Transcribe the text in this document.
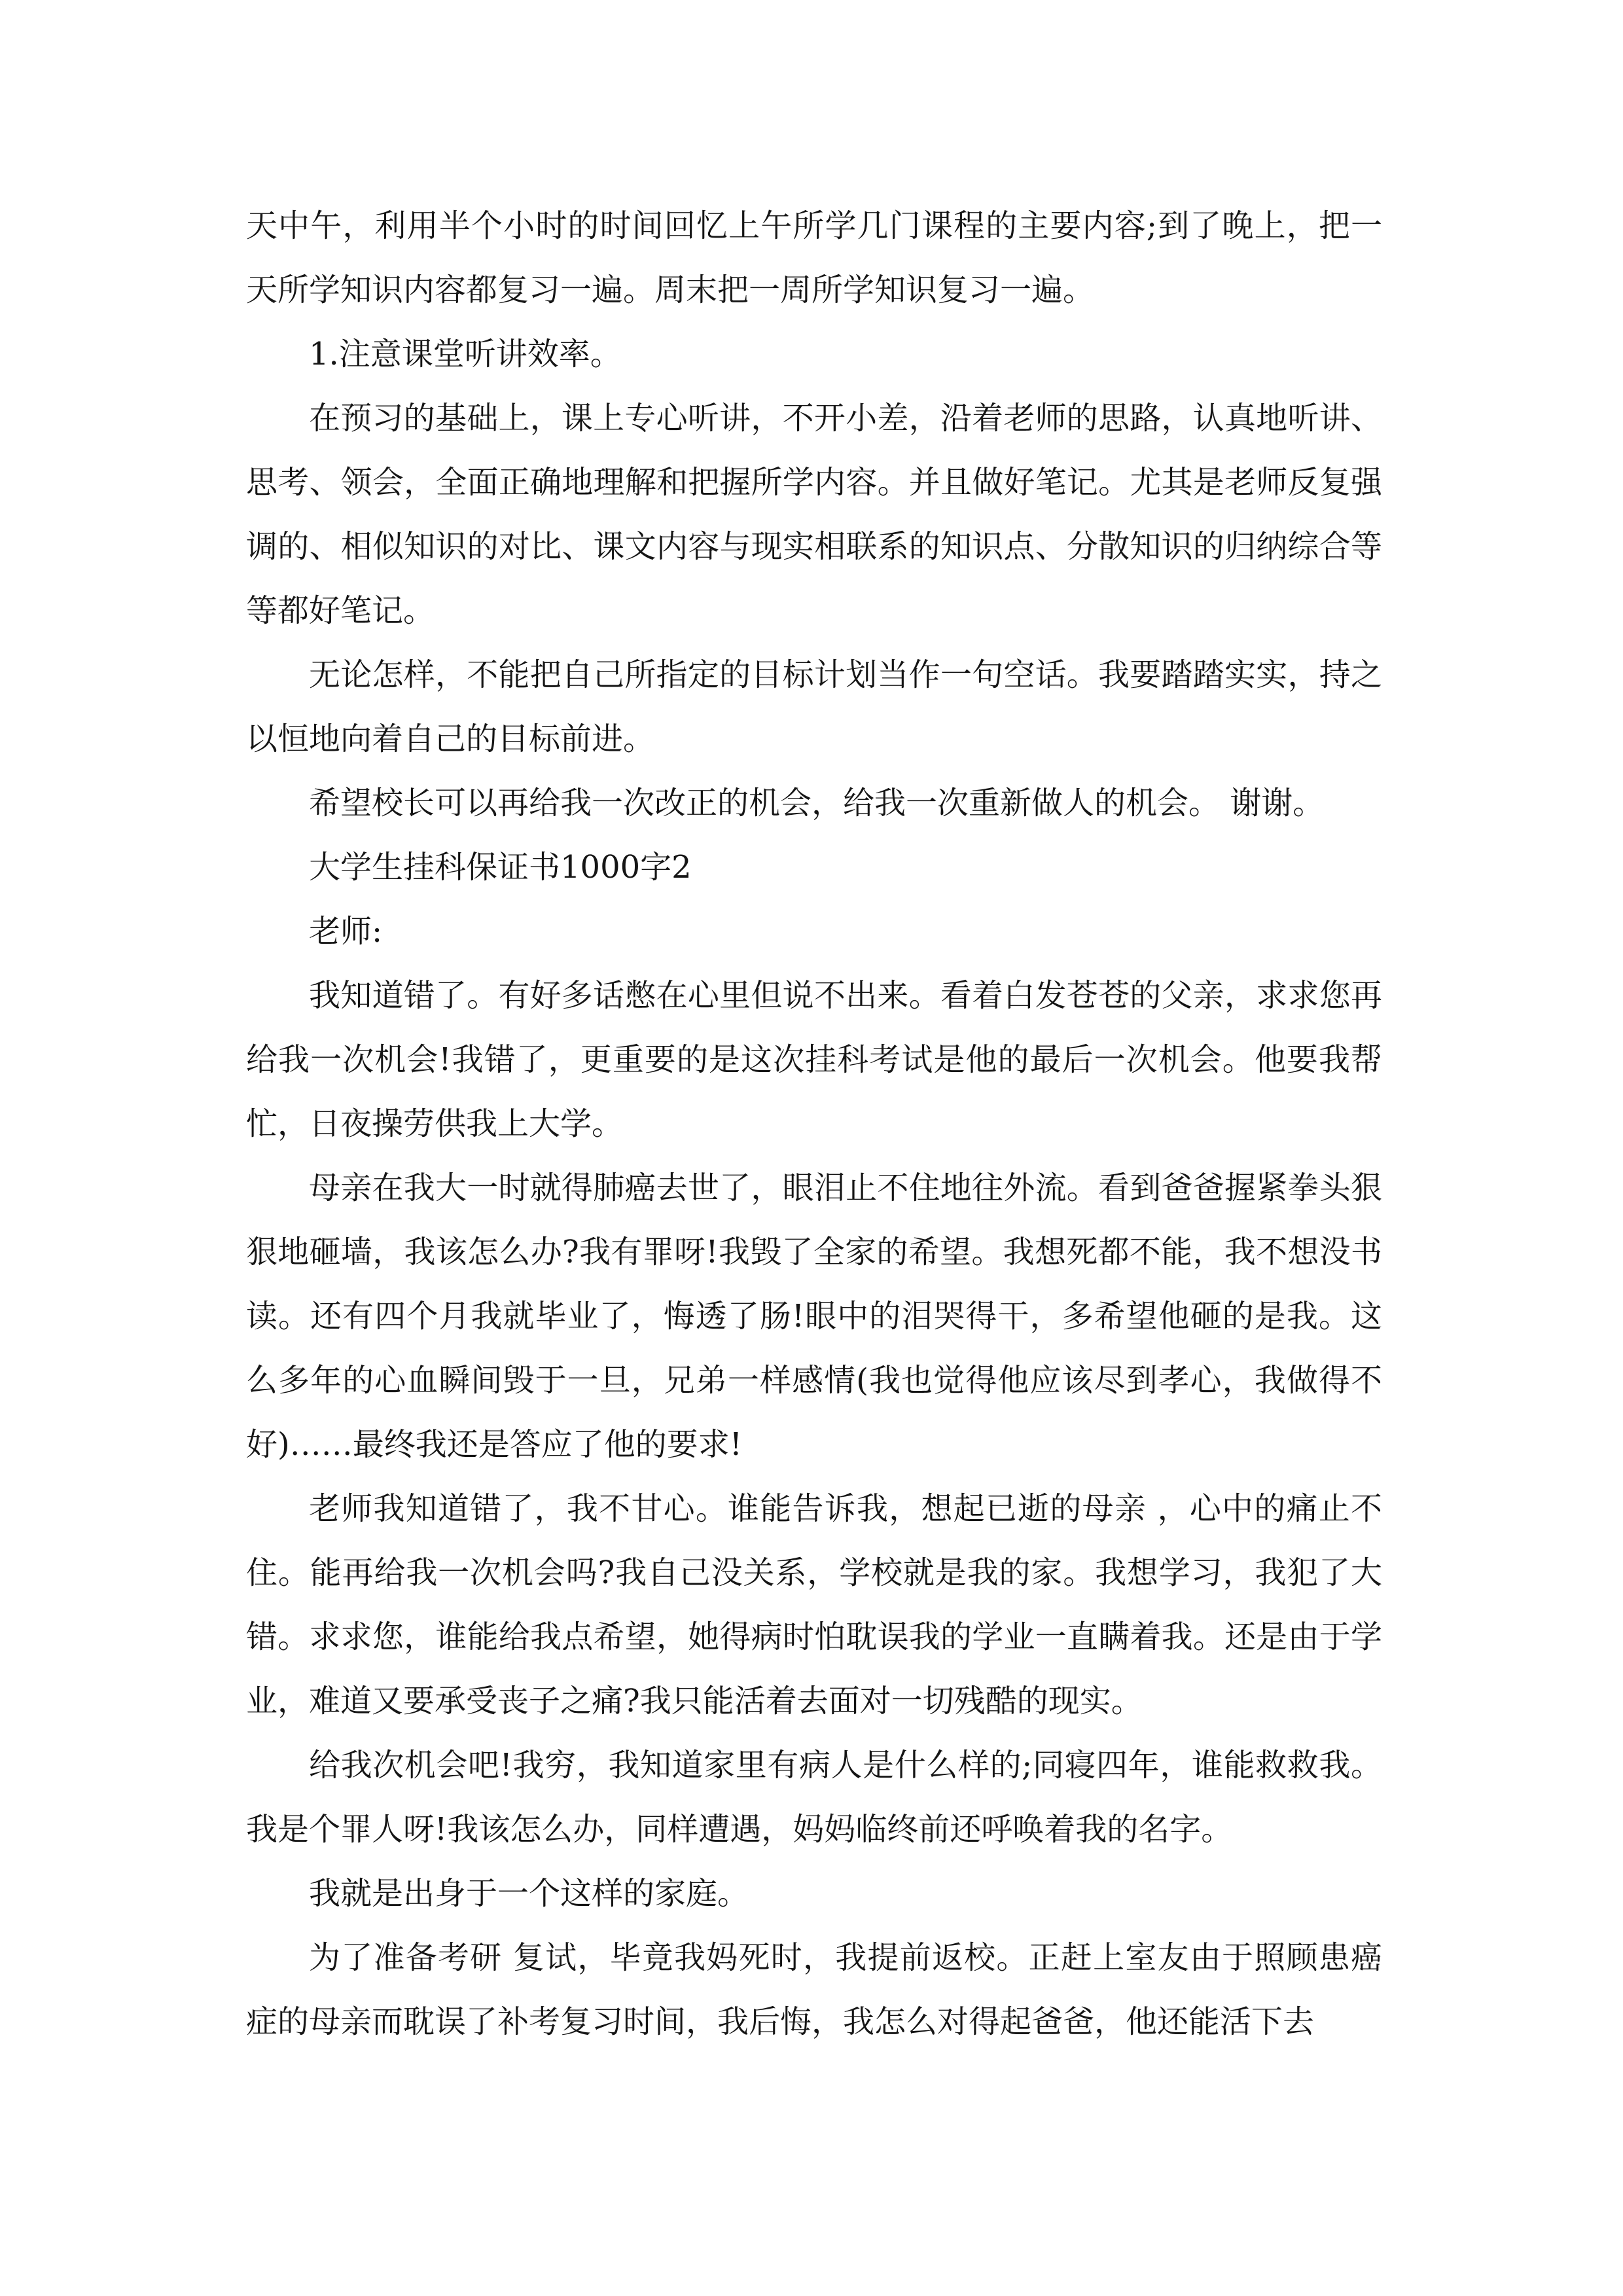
天中午，利用半个小时的时间回忆上午所学几门课程的主要内容;到了晚上，把一天所学知识内容都复习一遍。周末把一周所学知识复习一遍。

1.注意课堂听讲效率。

在预习的基础上，课上专心听讲，不开小差，沿着老师的思路，认真地听讲、思考、领会，全面正确地理解和把握所学内容。并且做好笔记。尤其是老师反复强调的、相似知识的对比、课文内容与现实相联系的知识点、分散知识的归纳综合等等都好笔记。

无论怎样，不能把自己所指定的目标计划当作一句空话。我要踏踏实实，持之以恒地向着自己的目标前进。

希望校长可以再给我一次改正的机会，给我一次重新做人的机会。 谢谢。

大学生挂科保证书1000字2

老师:

我知道错了。有好多话憋在心里但说不出来。看着白发苍苍的父亲，求求您再给我一次机会!我错了，更重要的是这次挂科考试是他的最后一次机会。他要我帮忙，日夜操劳供我上大学。

母亲在我大一时就得肺癌去世了，眼泪止不住地往外流。看到爸爸握紧拳头狠狠地砸墙，我该怎么办?我有罪呀!我毁了全家的希望。我想死都不能，我不想没书读。还有四个月我就毕业了，悔透了肠!眼中的泪哭得干，多希望他砸的是我。这么多年的心血瞬间毁于一旦，兄弟一样感情(我也觉得他应该尽到孝心，我做得不好)……最终我还是答应了他的要求!

老师我知道错了，我不甘心。谁能告诉我，想起已逝的母亲 ，心中的痛止不住。能再给我一次机会吗?我自己没关系，学校就是我的家。我想学习，我犯了大错。求求您，谁能给我点希望，她得病时怕耽误我的学业一直瞒着我。还是由于学业，难道又要承受丧子之痛?我只能活着去面对一切残酷的现实。

给我次机会吧!我穷，我知道家里有病人是什么样的;同寝四年，谁能救救我。我是个罪人呀!我该怎么办，同样遭遇，妈妈临终前还呼唤着我的名字。

我就是出身于一个这样的家庭。

为了准备考研 复试，毕竟我妈死时，我提前返校。正赶上室友由于照顾患癌症的母亲而耽误了补考复习时间，我后悔，我怎么对得起爸爸，他还能活下去
